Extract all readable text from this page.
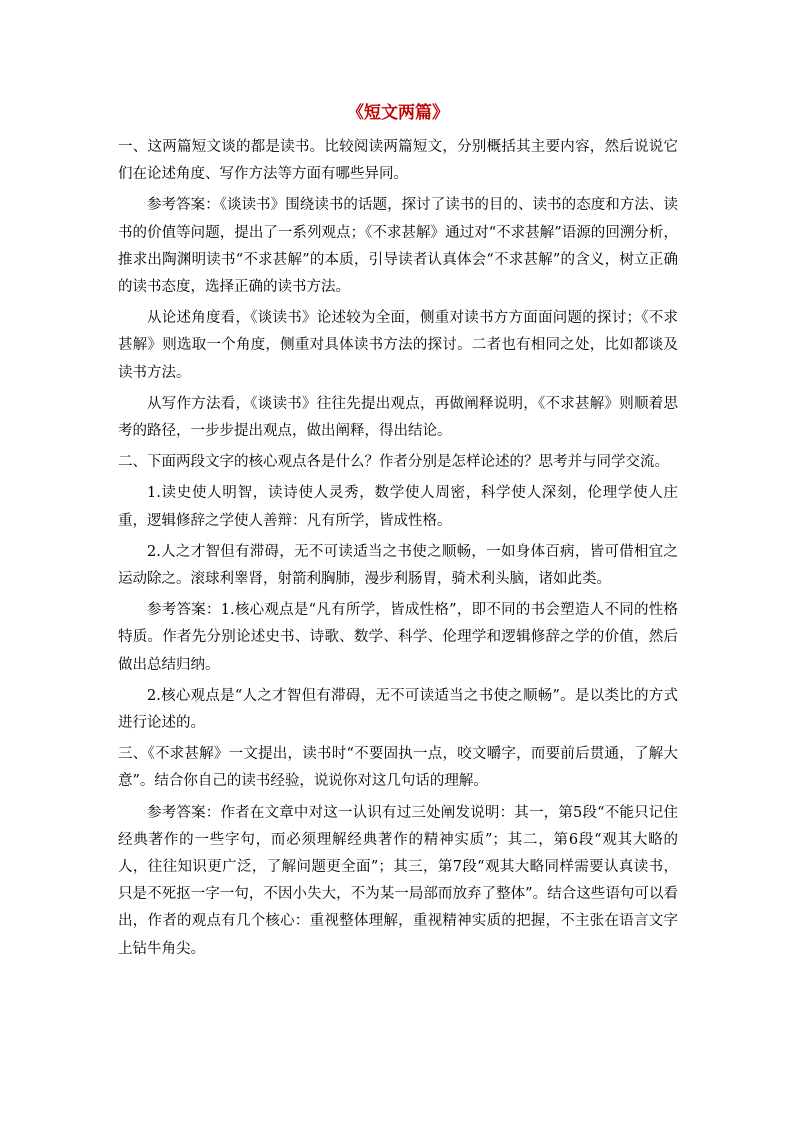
《短文两篇》

一、这两篇短文谈的都是读书。比较阅读两篇短文，分别概括其主要内容，然后说说它们在论述角度、写作方法等方面有哪些异同。

参考答案：《谈读书》围绕读书的话题，探讨了读书的目的、读书的态度和方法、读书的价值等问题，提出了一系列观点；《不求甚解》通过对“不求甚解”语源的回溯分析，推求出陶渊明读书“不求甚解”的本质，引导读者认真体会“不求甚解”的含义，树立正确的读书态度，选择正确的读书方法。

从论述角度看，《谈读书》论述较为全面，侧重对读书方方面面问题的探讨；《不求甚解》则选取一个角度，侧重对具体读书方法的探讨。二者也有相同之处，比如都谈及读书方法。

从写作方法看，《谈读书》往往先提出观点，再做阐释说明，《不求甚解》则顺着思考的路径，一步步提出观点，做出阐释，得出结论。

二、下面两段文字的核心观点各是什么？作者分别是怎样论述的？思考并与同学交流。

1.读史使人明智，读诗使人灵秀，数学使人周密，科学使人深刻，伦理学使人庄重，逻辑修辞之学使人善辩：凡有所学，皆成性格。

2.人之才智但有滞碍，无不可读适当之书使之顺畅，一如身体百病，皆可借相宜之运动除之。滚球利睾肾，射箭利胸肺，漫步利肠胃，骑术利头脑，诸如此类。

参考答案：1.核心观点是“凡有所学，皆成性格”，即不同的书会塑造人不同的性格特质。作者先分别论述史书、诗歌、数学、科学、伦理学和逻辑修辞之学的价值，然后做出总结归纳。

2.核心观点是“人之才智但有滞碍，无不可读适当之书使之顺畅”。是以类比的方式进行论述的。

三、《不求甚解》一文提出，读书时“不要固执一点，咬文嚼字，而要前后贯通，了解大意”。结合你自己的读书经验，说说你对这几句话的理解。

参考答案：作者在文章中对这一认识有过三处阐发说明：其一，第5段“不能只记住经典著作的一些字句，而必须理解经典著作的精神实质”；其二，第6段“观其大略的人，往往知识更广泛，了解问题更全面”；其三，第7段“观其大略同样需要认真读书，只是不死抠一字一句，不因小失大，不为某一局部而放弃了整体”。结合这些语句可以看出，作者的观点有几个核心：重视整体理解，重视精神实质的把握，不主张在语言文字上钻牛角尖。
